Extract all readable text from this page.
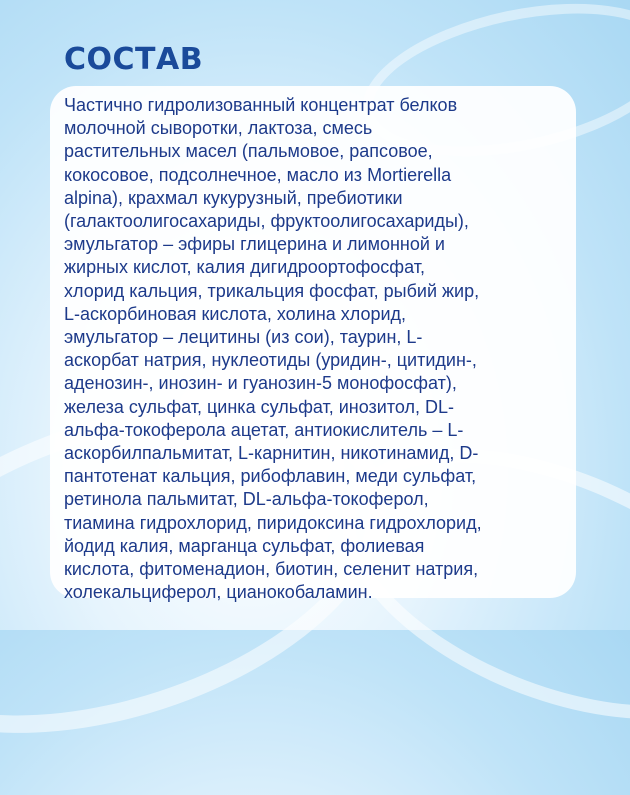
СОСТАВ

Частично гидролизованный концентрат белков
молочной сыворотки, лактоза, смесь
растительных масел (пальмовое, рапсовое,
кокосовое, подсолнечное, масло из Mortierella
alpina), крахмал кукурузный, пребиотики
(галактоолигосахариды, фруктоолигосахариды),
эмульгатор – эфиры глицерина и лимонной и
жирных кислот, калия дигидроортофосфат,
хлорид кальция, трикальция фосфат, рыбий жир,
L-аскорбиновая кислота, холина хлорид,
эмульгатор – лецитины (из сои), таурин, L-
аскорбат натрия, нуклеотиды (уридин-, цитидин-,
аденозин-, инозин- и гуанозин-5 монофосфат),
железа сульфат, цинка сульфат, инозитол, DL-
альфа-токоферола ацетат, антиокислитель – L-
аскорбилпальмитат, L-карнитин, никотинамид, D-
пантотенат кальция, рибофлавин, меди сульфат,
ретинола пальмитат, DL-альфа-токоферол,
тиамина гидрохлорид, пиридоксина гидрохлорид,
йодид калия, марганца сульфат, фолиевая
кислота, фитоменадион, биотин, селенит натрия,
холекальциферол, цианокобаламин.
